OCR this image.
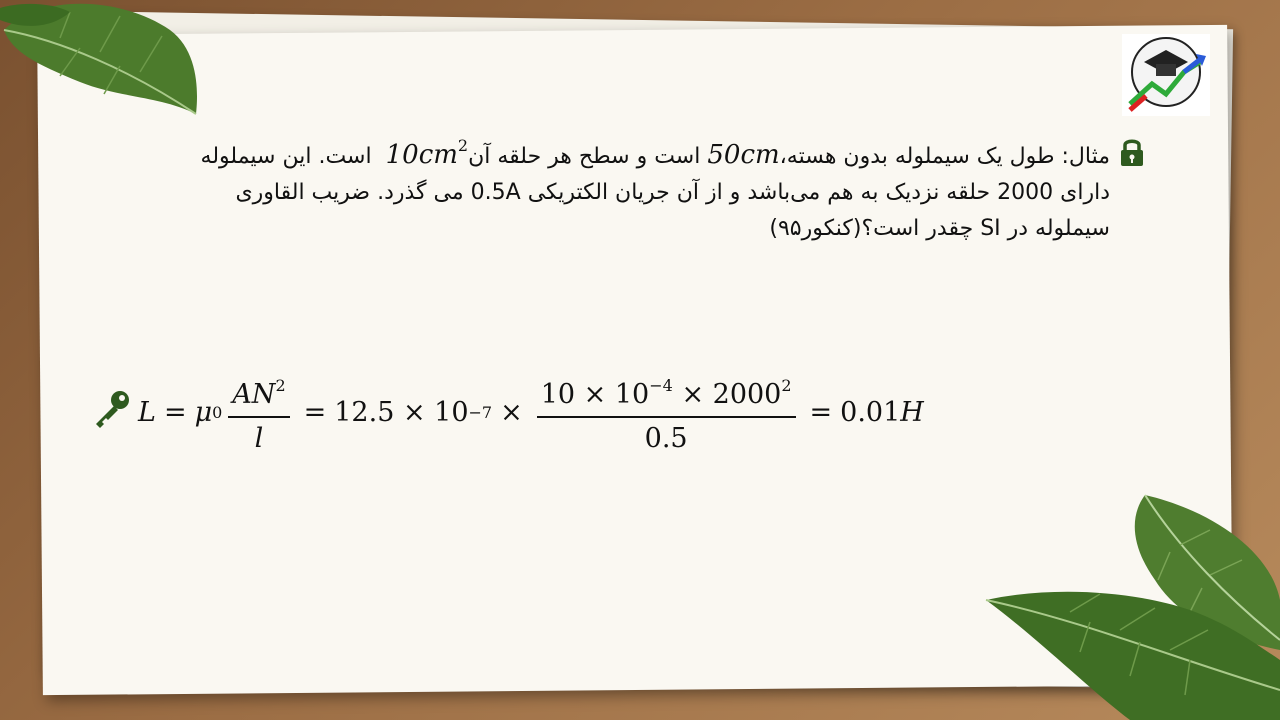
مثال: طول یک سیملوله بدون هسته،50cm است و سطح هر حلقه $آن10cm^2$  است. این سیملوله
دارای 2000 حلقه نزدیک به هم می‌باشد و از آن جریان الکتریکی 0.5A می گذرد. ضریب القاوری
سیملوله در SI چقدر است؟(کنکور۹۵)
L = μ $0 \frac{AN^2}{l} = 12.5 \times 10 -7 \times \frac{10 \times 10^{-4} \times 2000^2}{0.5} = 0.01$ H
